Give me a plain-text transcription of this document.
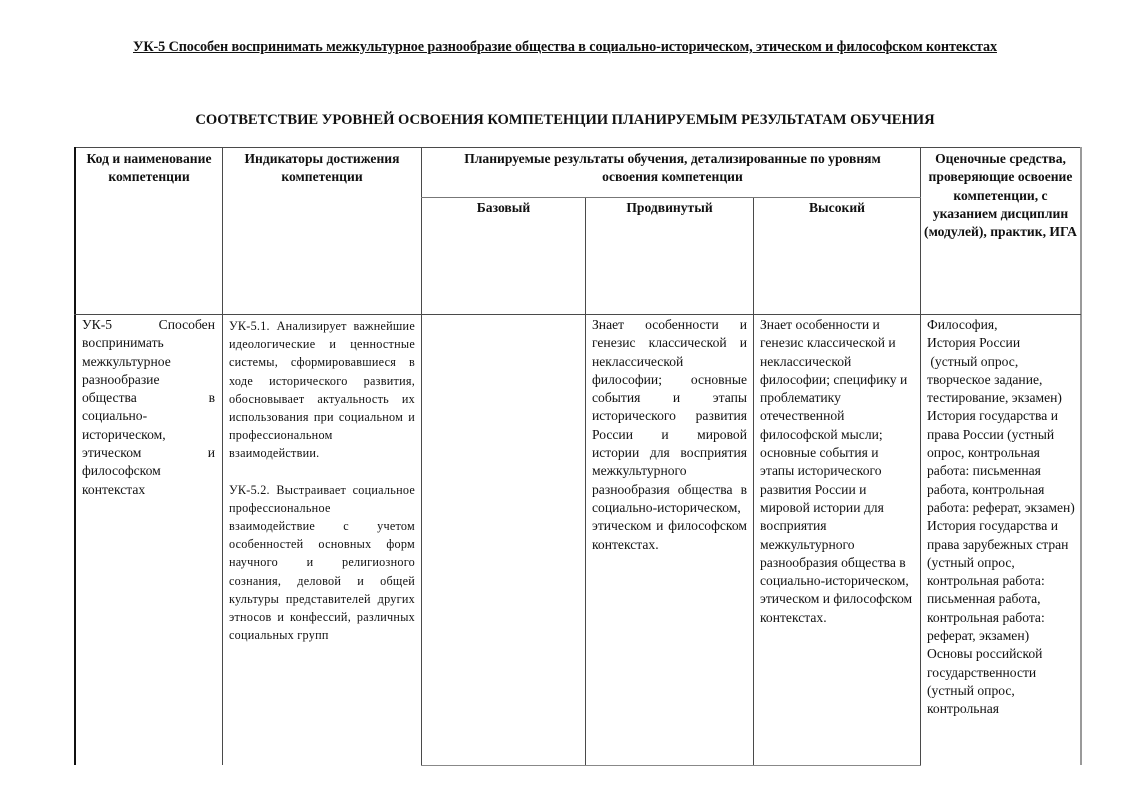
УК-5 Способен воспринимать межкультурное разнообразие общества в социально-историческом, этическом и философском контекстах
СООТВЕТСТВИЕ УРОВНЕЙ ОСВОЕНИЯ КОМПЕТЕНЦИИ ПЛАНИРУЕМЫМ РЕЗУЛЬТАТАМ ОБУЧЕНИЯ
Код и наименование компетенции
Индикаторы достижения компетенции
Планируемые результаты обучения, детализированные по уровням освоения компетенции
Базовый	Продвинутый	Высокий
Оценочные средства, проверяющие освоение компетенции, с указанием дисциплин (модулей), практик, ИГА
УК-5 Способен воспринимать межкультурное разнообразие общества в социально-историческом, этическом и философском контекстах
УК-5.1. Анализирует важнейшие идеологические и ценностные системы, сформировавшиеся в ходе исторического развития, обосновывает актуальность их использования при социальном и профессиональном взаимодействии.
УК-5.2. Выстраивает социальное профессиональное взаимодействие с учетом особенностей основных форм научного и религиозного сознания, деловой и общей культуры представителей других этносов и конфессий, различных социальных групп
Знает особенности и генезис классической и неклассической философии; основные события и этапы исторического развития России и мировой истории для восприятия межкультурного разнообразия общества в социально-историческом, этическом и философском контекстах.
Знает особенности и генезис классической и неклассической философии; специфику и проблематику отечественной философской мысли; основные события и этапы исторического развития России и мировой истории для восприятия межкультурного разнообразия общества в социально-историческом, этическом и философском контекстах.
Философия,
История России
(устный опрос, творческое задание, тестирование, экзамен)
История государства и права России (устный опрос, контрольная работа: письменная работа, контрольная работа: реферат, экзамен)
История государства и права зарубежных стран (устный опрос, контрольная работа: письменная работа, контрольная работа: реферат, экзамен)
Основы российской государственности (устный опрос, контрольная
